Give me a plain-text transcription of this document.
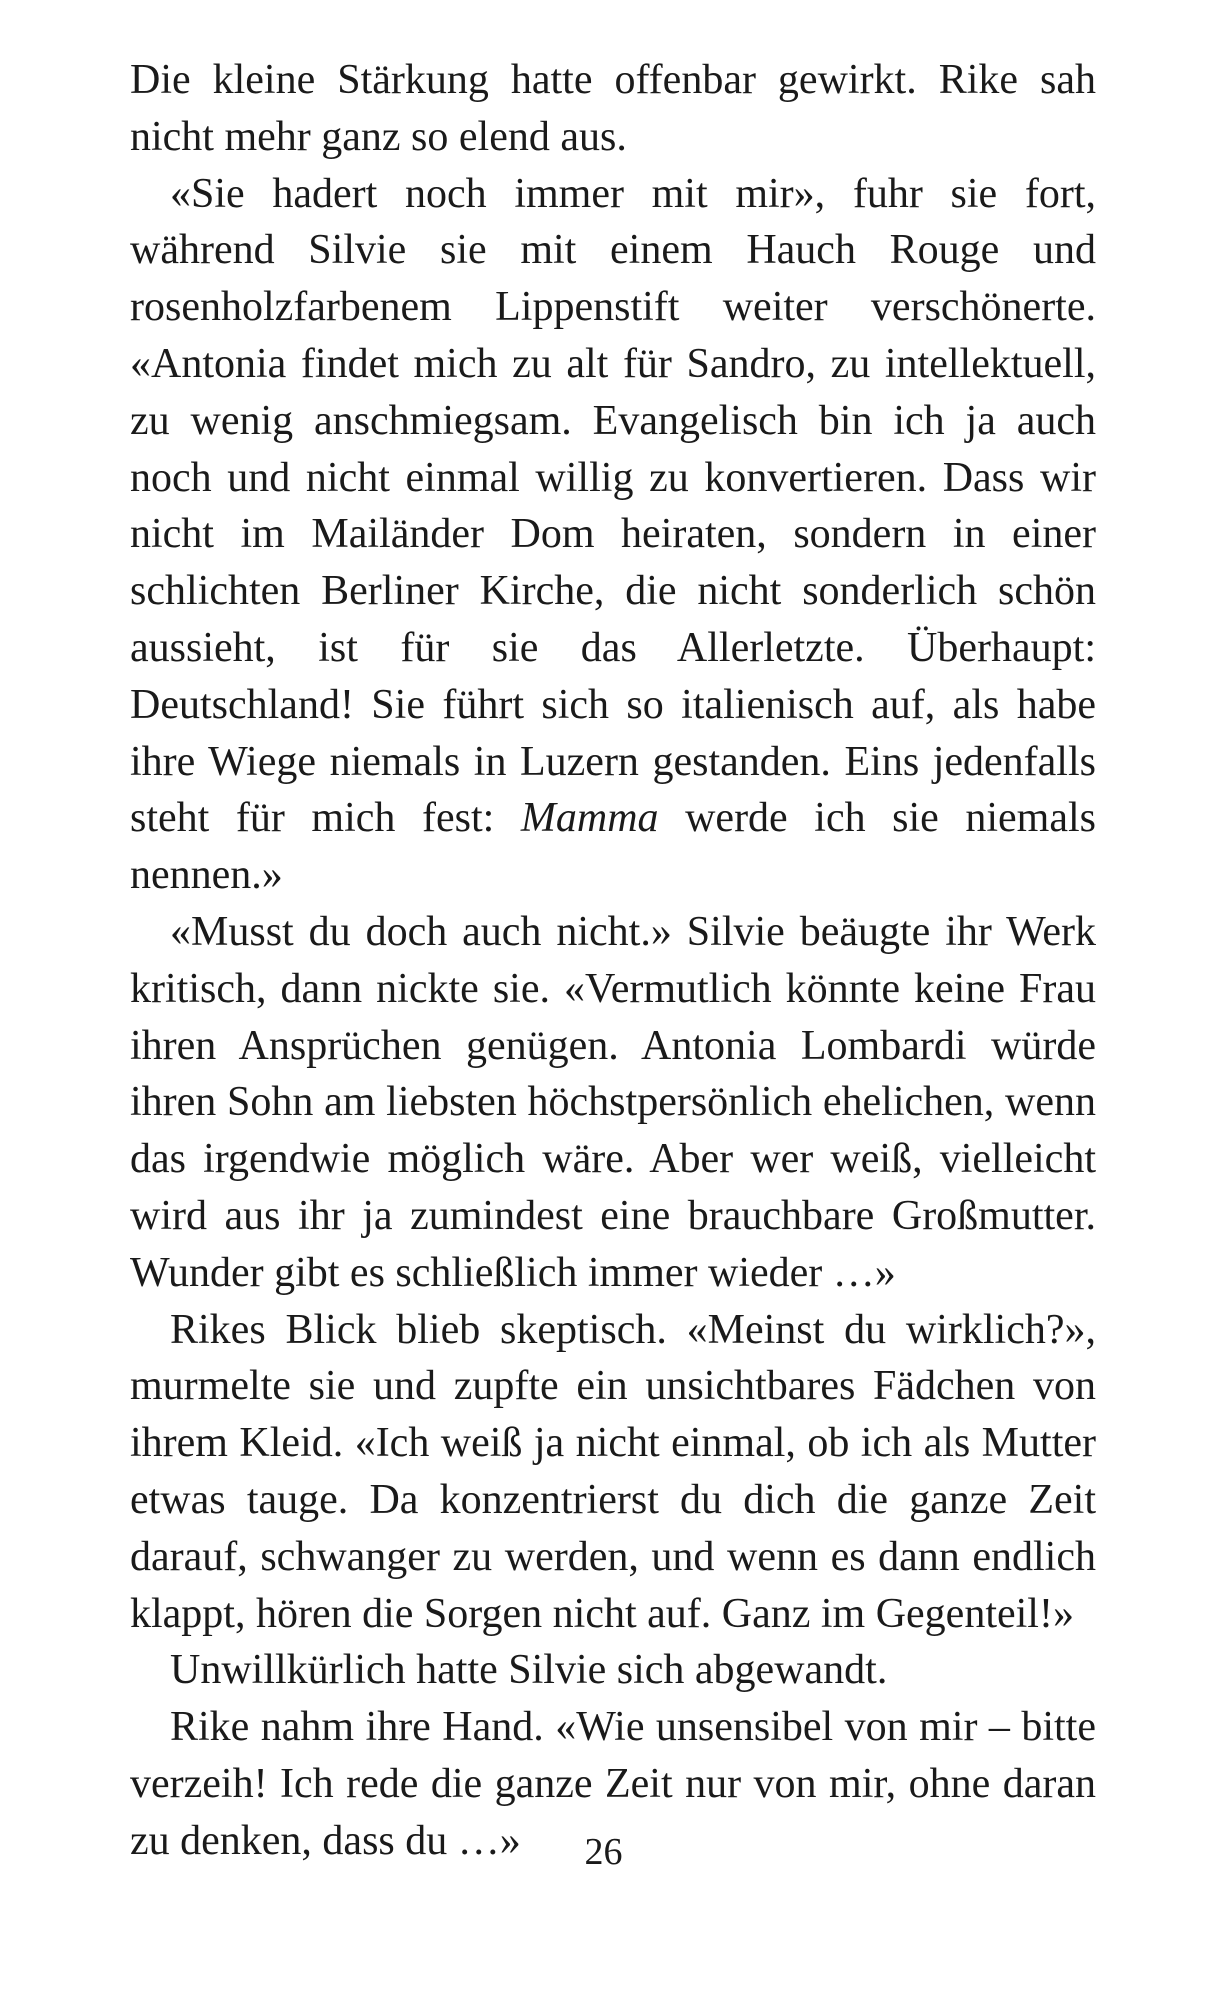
Die kleine Stärkung hatte offenbar gewirkt. Rike sah nicht mehr ganz so elend aus.

«Sie hadert noch immer mit mir», fuhr sie fort, während Silvie sie mit einem Hauch Rouge und rosenholzfarbenem Lippenstift weiter verschönerte. «Antonia findet mich zu alt für Sandro, zu intellektuell, zu wenig anschmiegsam. Evangelisch bin ich ja auch noch und nicht einmal willig zu konvertieren. Dass wir nicht im Mailänder Dom heiraten, sondern in einer schlichten Berliner Kirche, die nicht sonderlich schön aussieht, ist für sie das Allerletzte. Überhaupt: Deutschland! Sie führt sich so italienisch auf, als habe ihre Wiege niemals in Luzern gestanden. Eins jedenfalls steht für mich fest: Mamma werde ich sie niemals nennen.»

«Musst du doch auch nicht.» Silvie beäugte ihr Werk kritisch, dann nickte sie. «Vermutlich könnte keine Frau ihren Ansprüchen genügen. Antonia Lombardi würde ihren Sohn am liebsten höchstpersönlich ehelichen, wenn das irgendwie möglich wäre. Aber wer weiß, vielleicht wird aus ihr ja zumindest eine brauchbare Großmutter. Wunder gibt es schließlich immer wieder …»

Rikes Blick blieb skeptisch. «Meinst du wirklich?», murmelte sie und zupfte ein unsichtbares Fädchen von ihrem Kleid. «Ich weiß ja nicht einmal, ob ich als Mutter etwas tauge. Da konzentrierst du dich die ganze Zeit darauf, schwanger zu werden, und wenn es dann endlich klappt, hören die Sorgen nicht auf. Ganz im Gegenteil!»

Unwillkürlich hatte Silvie sich abgewandt.

Rike nahm ihre Hand. «Wie unsensibel von mir – bitte verzeih! Ich rede die ganze Zeit nur von mir, ohne daran zu denken, dass du …»	26
